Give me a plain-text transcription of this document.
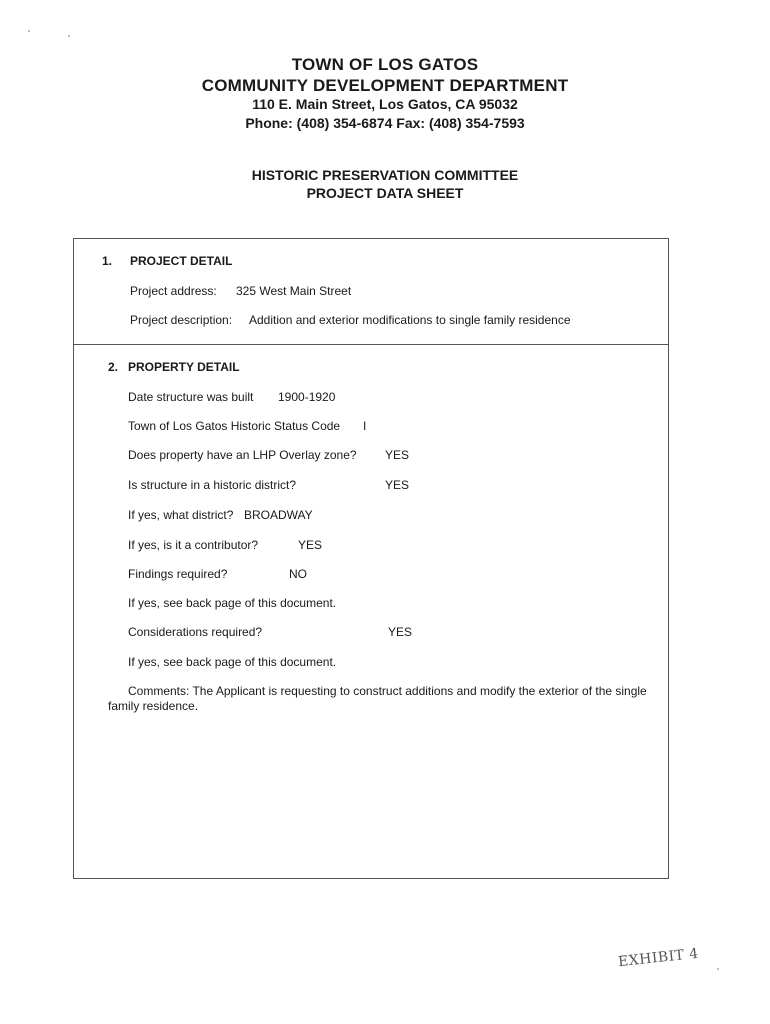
TOWN OF LOS GATOS
COMMUNITY DEVELOPMENT DEPARTMENT
110 E. Main Street, Los Gatos, CA 95032
Phone: (408) 354-6874 Fax: (408) 354-7593
HISTORIC PRESERVATION COMMITTEE
PROJECT DATA SHEET
1. PROJECT DETAIL
Project address: 325 West Main Street
Project description: Addition and exterior modifications to single family residence
2. PROPERTY DETAIL
Date structure was built 1900-1920
Town of Los Gatos Historic Status Code I
Does property have an LHP Overlay zone? YES
Is structure in a historic district?	YES
If yes, what district? BROADWAY
If yes, is it a contributor?	YES
Findings required?	NO
If yes, see back page of this document.
Considerations required?	YES
If yes, see back page of this document.
Comments: The Applicant is requesting to construct additions and modify the exterior of the single
family residence.
EXHIBIT 4
